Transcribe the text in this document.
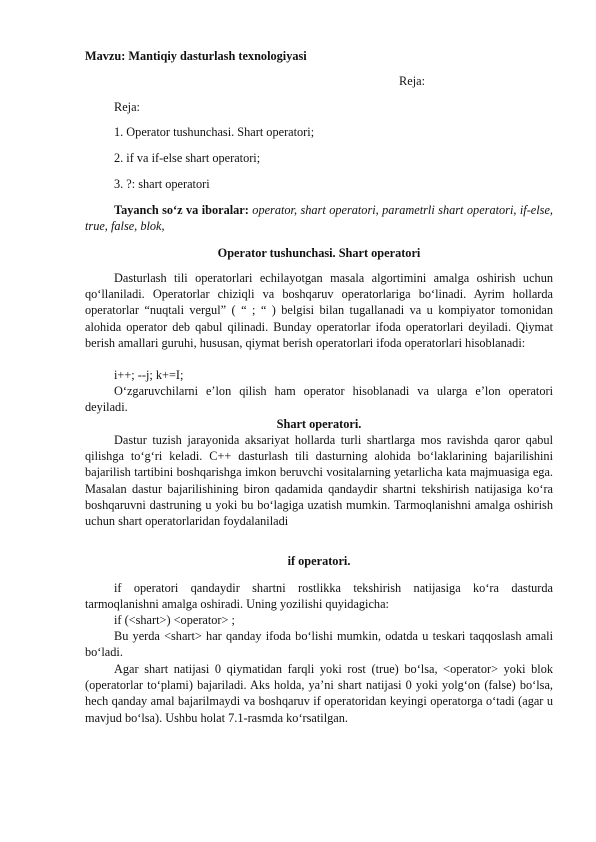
Mavzu: Mantiqiy dasturlash texnologiyasi

Reja:

Reja:

1. Operator tushunchasi. Shart operatori;

2. if va if-else shart operatori;

3. ?: shart operatori

Tayanch so‘z va iboralar: operator, shart operatori, parametrli shart operatori, if-else, true, false, blok,

Operator tushunchasi. Shart operatori

Dasturlash tili operatorlari echilayotgan masala algortimini amalga oshirish uchun qo‘llaniladi. Operatorlar chiziqli va boshqaruv operatorlariga bo‘linadi. Ayrim hollarda operatorlar “nuqtali vergul” ( “ ; “ ) belgisi bilan tugallanadi va u kompiyator tomonidan alohida operator deb qabul qilinadi. Bunday operatorlar ifoda operatorlari deyiladi. Qiymat berish amallari guruhi, hususan, qiymat berish operatorlari ifoda operatorlari hisoblanadi:

i++; --j; k+=I;

O‘zgaruvchilarni e’lon qilish ham operator hisoblanadi va ularga e’lon operatori deyiladi.

Shart operatori.

Dastur tuzish jarayonida aksariyat hollarda turli shartlarga mos ravishda qaror qabul qilishga to‘g‘ri keladi. C++ dasturlash tili dasturning alohida bo‘laklarining bajarilishini bajarilish tartibini boshqarishga imkon beruvchi vositalarning yetarlicha kata majmuasiga ega. Masalan dastur bajarilishining biron qadamida qandaydir shartni tekshirish natijasiga ko‘ra boshqaruvni dastruning u yoki bu bo‘lagiga uzatish mumkin. Tarmoqlanishni amalga oshirish uchun shart operatorlaridan foydalaniladi

if operatori.

if operatori qandaydir shartni rostlikka tekshirish natijasiga ko‘ra dasturda tarmoqlanishni amalga oshiradi. Uning yozilishi quyidagicha:

if (<shart>) <operator> ;

Bu yerda <shart> har qanday ifoda bo‘lishi mumkin, odatda u teskari taqqoslash amali bo‘ladi.

Agar shart natijasi 0 qiymatidan farqli yoki rost (true) bo‘lsa, <operator> yoki blok (operatorlar to‘plami) bajariladi. Aks holda, ya’ni shart natijasi 0 yoki yolg‘on (false) bo‘lsa, hech qanday amal bajarilmaydi va boshqaruv if operatoridan keyingi operatorga o‘tadi (agar u mavjud bo‘lsa). Ushbu holat 7.1-rasmda ko‘rsatilgan.
